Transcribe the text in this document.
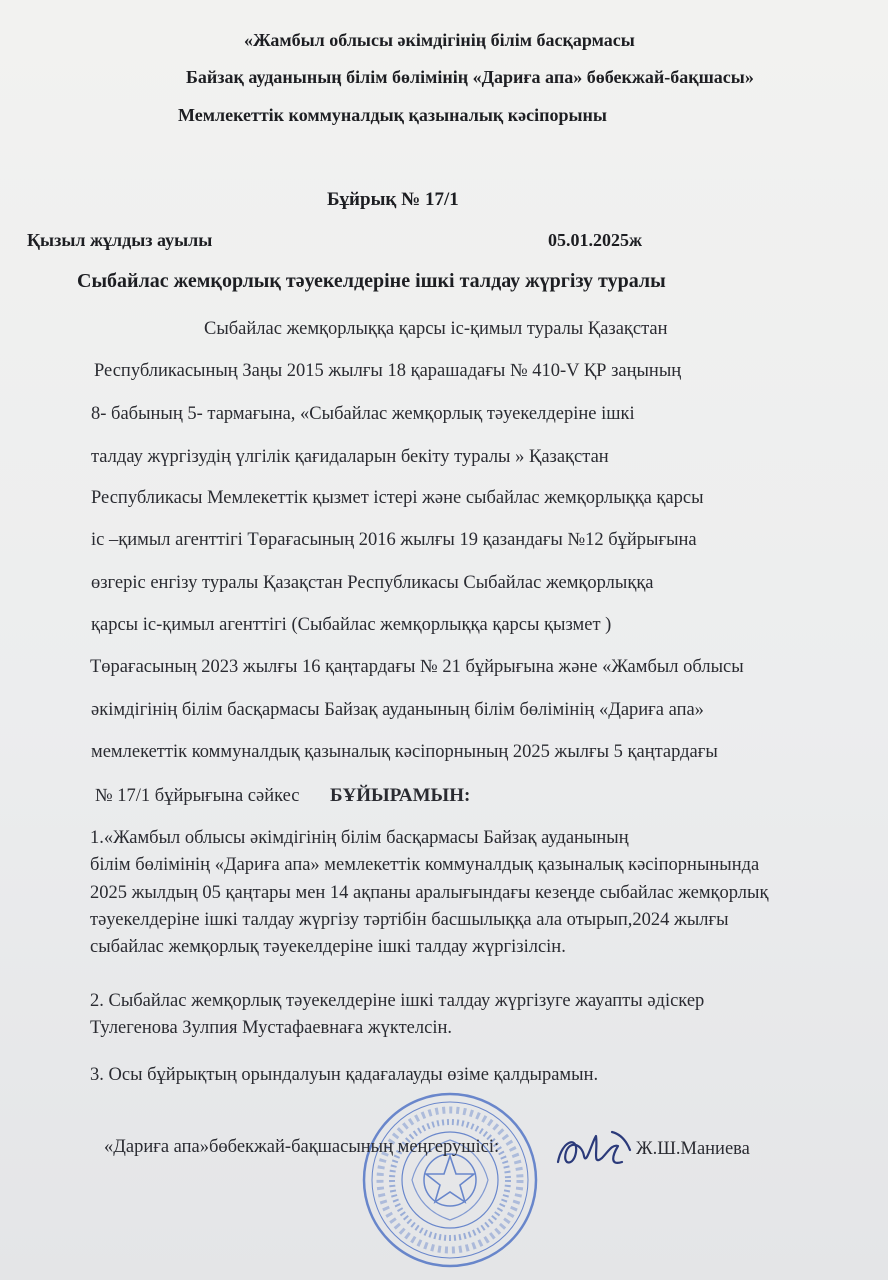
«Жамбыл облысы әкімдігінің білім басқармасы
Байзақ ауданының білім бөлімінің «Дариға апа» бөбекжай-бақшасы»
Мемлекеттік коммуналдық қазыналық кәсіпорыны
Бұйрық № 17/1
Қызыл жұлдыз ауылы	05.01.2025ж
Сыбайлас жемқорлық тәуекелдеріне ішкі талдау жүргізу туралы
Сыбайлас жемқорлыққа қарсы іс-қимыл туралы Қазақстан
Республикасының Заңы 2015 жылғы 18 қарашадағы № 410-V ҚР заңының
8- бабының 5- тармағына, «Сыбайлас жемқорлық тәуекелдеріне ішкі
талдау жүргізудің үлгілік қағидаларын бекіту туралы » Қазақстан
Республикасы Мемлекеттік қызмет істері және сыбайлас жемқорлыққа қарсы
іс –қимыл агенттігі Төрағасының 2016 жылғы 19 қазандағы №12 бұйрығына
өзгеріс енгізу туралы Қазақстан Республикасы Сыбайлас жемқорлыққа
қарсы іс-қимыл агенттігі (Сыбайлас жемқорлыққа қарсы қызмет )
Төрағасының 2023 жылғы 16 қаңтардағы № 21 бұйрығына және «Жамбыл облысы
әкімдігінің білім басқармасы Байзақ ауданының білім бөлімінің «Дариға апа»
мемлекеттік коммуналдық қазыналық кәсіпорнының 2025 жылғы 5 қаңтардағы
№ 17/1 бұйрығына сәйкес БҰЙЫРАМЫН:
1.«Жамбыл облысы әкімдігінің білім басқармасы Байзақ ауданының
білім бөлімінің «Дариға апа» мемлекеттік коммуналдық қазыналық кәсіпорнынында
2025 жылдың 05 қаңтары мен 14 ақпаны аралығындағы кезеңде сыбайлас жемқорлық
тәуекелдеріне ішкі талдау жүргізу тәртібін басшылыққа ала отырып,2024 жылғы
сыбайлас жемқорлық тәуекелдеріне ішкі талдау жүргізілсін.
2. Сыбайлас жемқорлық тәуекелдеріне ішкі талдау жүргізуге жауапты әдіскер
Тулегенова Зулпия Мустафаевнаға жүктелсін.
3. Осы бұйрықтың орындалуын қадағалауды өзіме қалдырамын.
«Дариға апа»бөбекжай-бақшасының меңгерушісі:	Ж.Ш.Маниева
